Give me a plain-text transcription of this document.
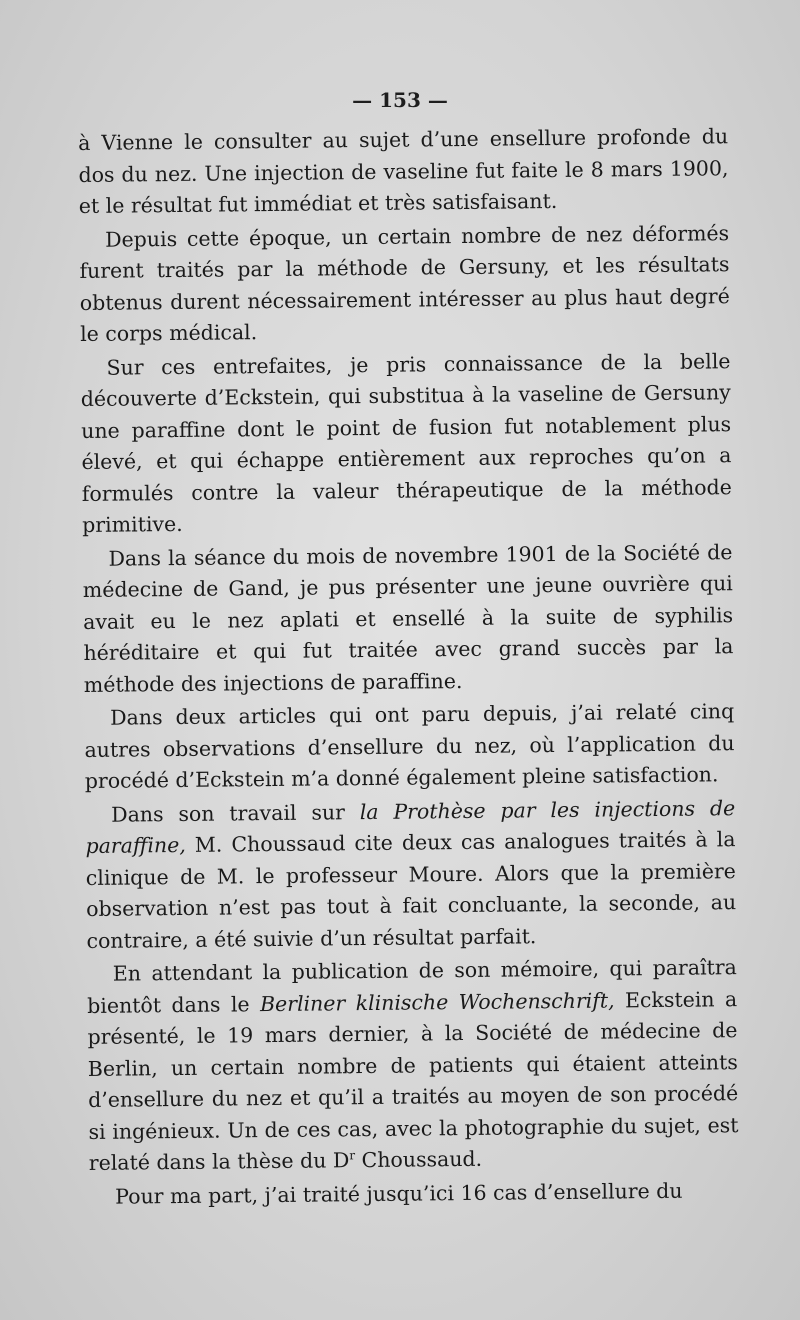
— 153 —

à Vienne le consulter au sujet d’une ensellure profonde du dos du nez. Une injection de vaseline fut faite le 8 mars 1900, et le résultat fut immédiat et très satisfaisant.

Depuis cette époque, un certain nombre de nez déformés furent traités par la méthode de Gersuny, et les résultats obtenus durent nécessairement intéresser au plus haut degré le corps médical.

Sur ces entrefaites, je pris connaissance de la belle découverte d’Eckstein, qui substitua à la vaseline de Gersuny une paraffine dont le point de fusion fut notablement plus élevé, et qui échappe entièrement aux reproches qu’on a formulés contre la valeur thérapeutique de la méthode primitive.

Dans la séance du mois de novembre 1901 de la Société de médecine de Gand, je pus présenter une jeune ouvrière qui avait eu le nez aplati et ensellé à la suite de syphilis héréditaire et qui fut traitée avec grand succès par la méthode des injections de paraffine.

Dans deux articles qui ont paru depuis, j’ai relaté cinq autres observations d’ensellure du nez, où l’application du procédé d’Eckstein m’a donné également pleine satisfaction.

Dans son travail sur la Prothèse par les injections de paraffine, M. Choussaud cite deux cas analogues traités à la clinique de M. le professeur Moure. Alors que la première observation n’est pas tout à fait concluante, la seconde, au contraire, a été suivie d’un résultat parfait.

En attendant la publication de son mémoire, qui paraîtra bientôt dans le Berliner klinische Wochenschrift, Eckstein a présenté, le 19 mars dernier, à la Société de médecine de Berlin, un certain nombre de patients qui étaient atteints d’ensellure du nez et qu’il a traités au moyen de son procédé si ingénieux. Un de ces cas, avec la photographie du sujet, est relaté dans la thèse du $D^r$ Choussaud.

Pour ma part, j’ai traité jusqu’ici 16 cas d’ensellure du
